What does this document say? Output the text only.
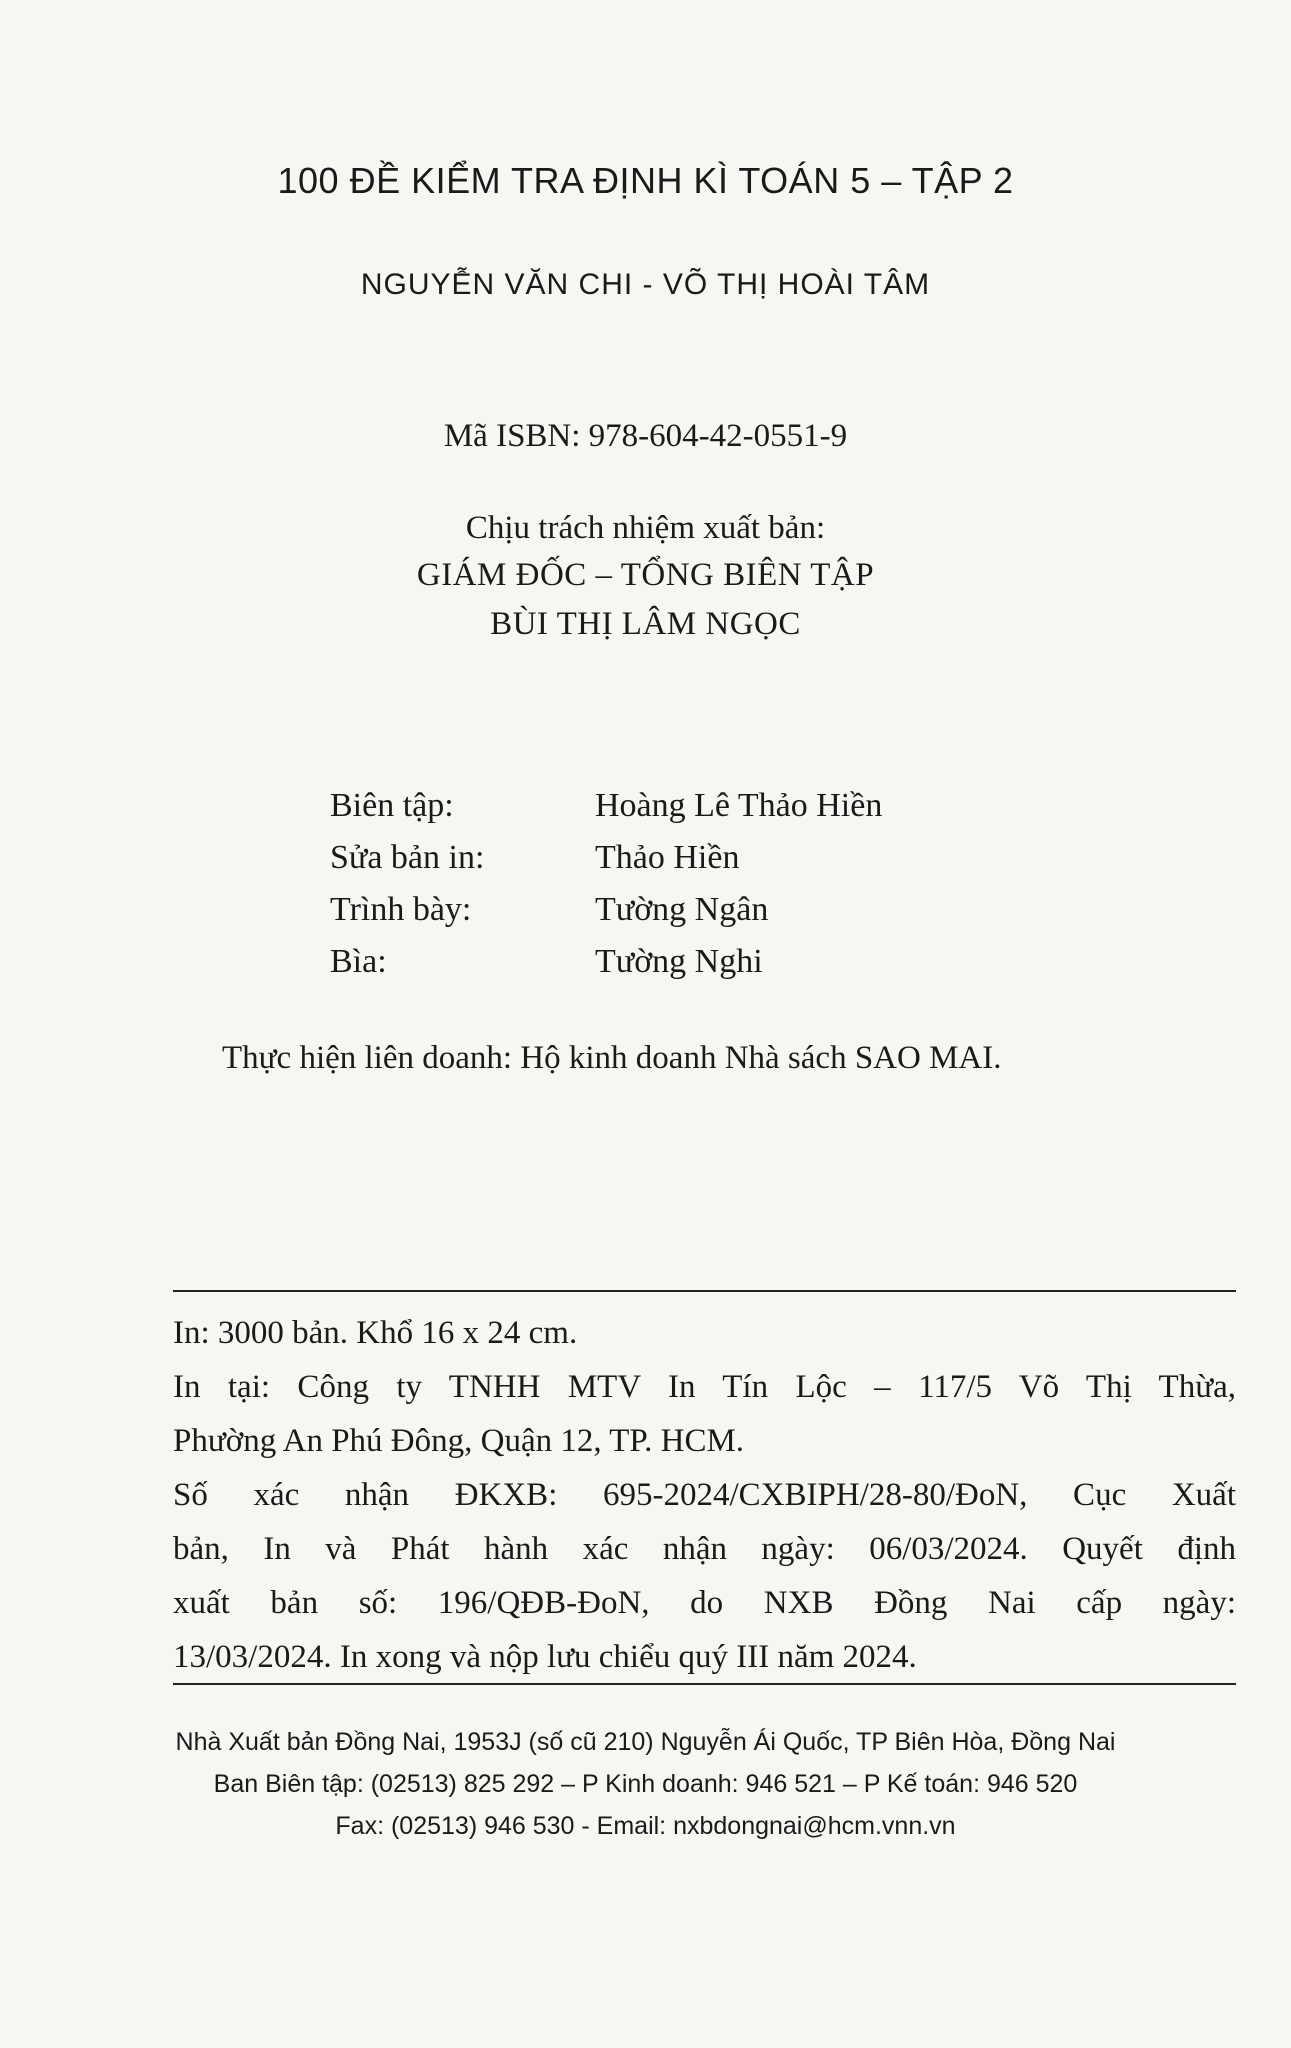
100 ĐỀ KIỂM TRA ĐỊNH KÌ TOÁN 5 – TẬP 2
NGUYỄN VĂN CHI - VÕ THỊ HOÀI TÂM
Mã ISBN: 978-604-42-0551-9
Chịu trách nhiệm xuất bản:
GIÁM ĐỐC – TỔNG BIÊN TẬP
BÙI THỊ LÂM NGỌC
Biên tập:	Hoàng Lê Thảo Hiền
Sửa bản in:	Thảo Hiền
Trình bày:	Tường Ngân
Bìa:	Tường Nghi
Thực hiện liên doanh: Hộ kinh doanh Nhà sách SAO MAI.
In: 3000 bản. Khổ 16 x 24 cm.
In tại: Công ty TNHH MTV In Tín Lộc – 117/5 Võ Thị Thừa,
Phường An Phú Đông, Quận 12, TP. HCM.
Số xác nhận ĐKXB: 695-2024/CXBIPH/28-80/ĐoN, Cục Xuất
bản, In và Phát hành xác nhận ngày: 06/03/2024. Quyết định
xuất bản số: 196/QĐB-ĐoN, do NXB Đồng Nai cấp ngày:
13/03/2024. In xong và nộp lưu chiểu quý III năm 2024.
Nhà Xuất bản Đồng Nai, 1953J (số cũ 210) Nguyễn Ái Quốc, TP Biên Hòa, Đồng Nai
Ban Biên tập: (02513) 825 292 – P Kinh doanh: 946 521 – P Kế toán: 946 520
Fax: (02513) 946 530 - Email: nxbdongnai@hcm.vnn.vn
